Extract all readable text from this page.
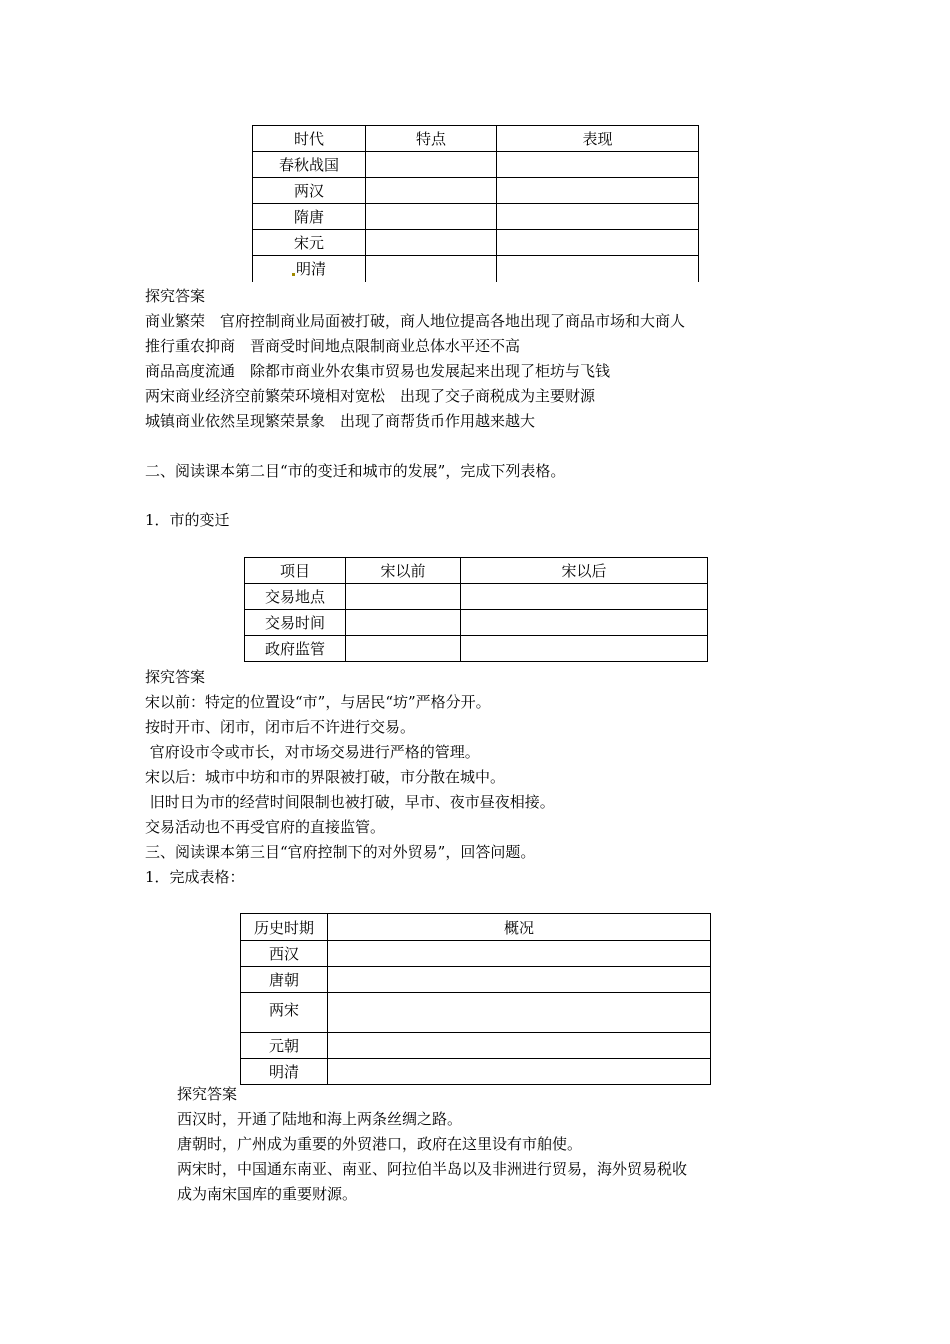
时代	特点	表现
春秋战国		
两汉		
隋唐		
宋元		
明清		
探究答案
商业繁荣　官府控制商业局面被打破，商人地位提高各地出现了商品市场和大商人
推行重农抑商　晋商受时间地点限制商业总体水平还不高
商品高度流通　除都市商业外农集市贸易也发展起来出现了柜坊与飞钱
两宋商业经济空前繁荣环境相对宽松　出现了交子商税成为主要财源
城镇商业依然呈现繁荣景象　出现了商帮货币作用越来越大
二、阅读课本第二目“市的变迁和城市的发展”，完成下列表格。
1．市的变迁
项目	宋以前	宋以后
交易地点		
交易时间		
政府监管		
探究答案
宋以前：特定的位置设“市”，与居民“坊”严格分开。
按时开市、闭市，闭市后不许进行交易。
官府设市令或市长，对市场交易进行严格的管理。
宋以后：城市中坊和市的界限被打破，市分散在城中。
旧时日为市的经营时间限制也被打破，早市、夜市昼夜相接。
交易活动也不再受官府的直接监管。
三、阅读课本第三目“官府控制下的对外贸易”，回答问题。
1．完成表格：
历史时期	概况
西汉	
唐朝	
两宋	
元朝	
明清	
探究答案
西汉时，开通了陆地和海上两条丝绸之路。
唐朝时，广州成为重要的外贸港口，政府在这里设有市舶使。
两宋时，中国通东南亚、南亚、阿拉伯半岛以及非洲进行贸易，海外贸易税收
成为南宋国库的重要财源。
